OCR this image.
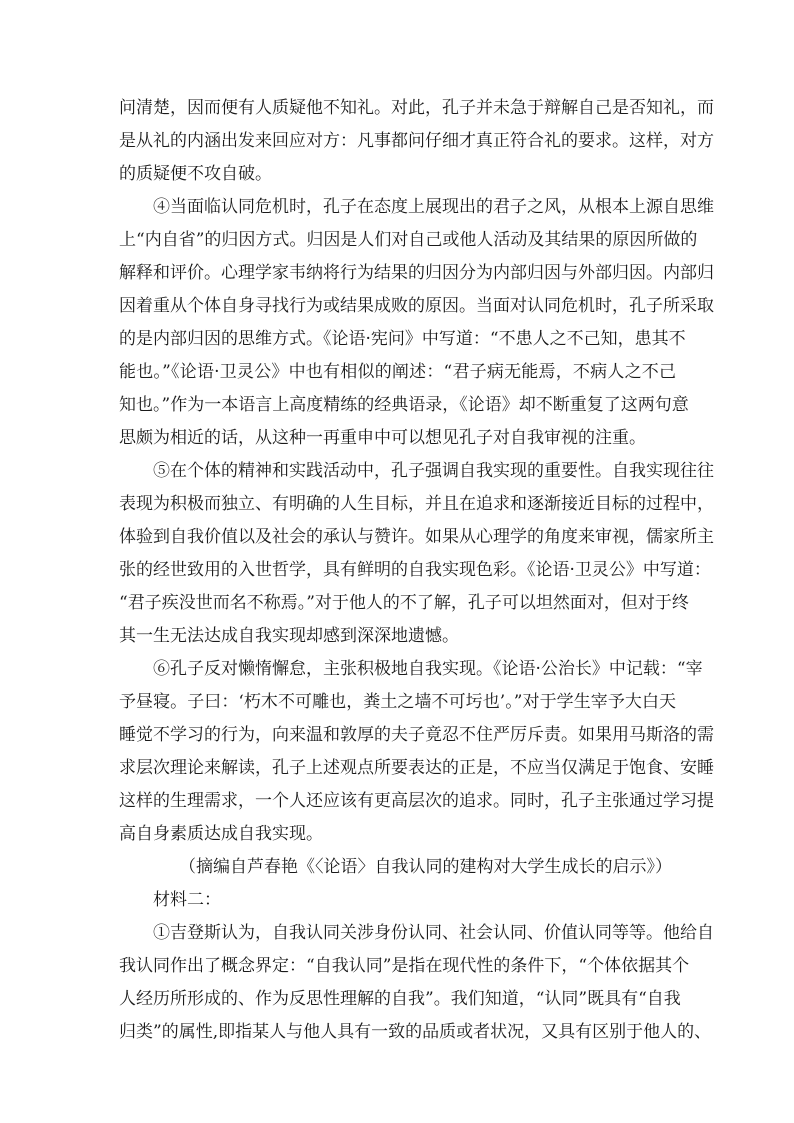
问清楚，因而便有人质疑他不知礼。对此，孔子并未急于辩解自己是否知礼，而
是从礼的内涵出发来回应对方：凡事都问仔细才真正符合礼的要求。这样，对方
的质疑便不攻自破。
④当面临认同危机时，孔子在态度上展现出的君子之风，从根本上源自思维
上“内自省”的归因方式。归因是人们对自己或他人活动及其结果的原因所做的
解释和评价。心理学家韦纳将行为结果的归因分为内部归因与外部归因。内部归
因着重从个体自身寻找行为或结果成败的原因。当面对认同危机时，孔子所采取
的是内部归因的思维方式。《论语·宪问》中写道：“不患人之不己知，患其不
能也。”《论语·卫灵公》中也有相似的阐述：“君子病无能焉，不病人之不己
知也。”作为一本语言上高度精练的经典语录，《论语》却不断重复了这两句意
思颇为相近的话，从这种一再重申中可以想见孔子对自我审视的注重。
⑤在个体的精神和实践活动中，孔子强调自我实现的重要性。自我实现往往
表现为积极而独立、有明确的人生目标，并且在追求和逐渐接近目标的过程中，
体验到自我价值以及社会的承认与赞许。如果从心理学的角度来审视，儒家所主
张的经世致用的入世哲学，具有鲜明的自我实现色彩。《论语·卫灵公》中写道：
“君子疾没世而名不称焉。”对于他人的不了解，孔子可以坦然面对，但对于终
其一生无法达成自我实现却感到深深地遗憾。
⑥孔子反对懒惰懈怠，主张积极地自我实现。《论语·公治长》中记载：“宰
予昼寝。子曰：‘朽木不可雕也，粪土之墙不可圬也’。”对于学生宰予大白天
睡觉不学习的行为，向来温和敦厚的夫子竟忍不住严厉斥责。如果用马斯洛的需
求层次理论来解读，孔子上述观点所要表达的正是，不应当仅满足于饱食、安睡
这样的生理需求，一个人还应该有更高层次的追求。同时，孔子主张通过学习提
高自身素质达成自我实现。
（摘编自芦春艳《〈论语〉自我认同的建构对大学生成长的启示》）
材料二：
①吉登斯认为，自我认同关涉身份认同、社会认同、价值认同等等。他给自
我认同作出了概念界定：“自我认同”是指在现代性的条件下，“个体依据其个
人经历所形成的、作为反思性理解的自我”。我们知道，“认同”既具有“自我
归类”的属性,即指某人与他人具有一致的品质或者状况，又具有区别于他人的、
